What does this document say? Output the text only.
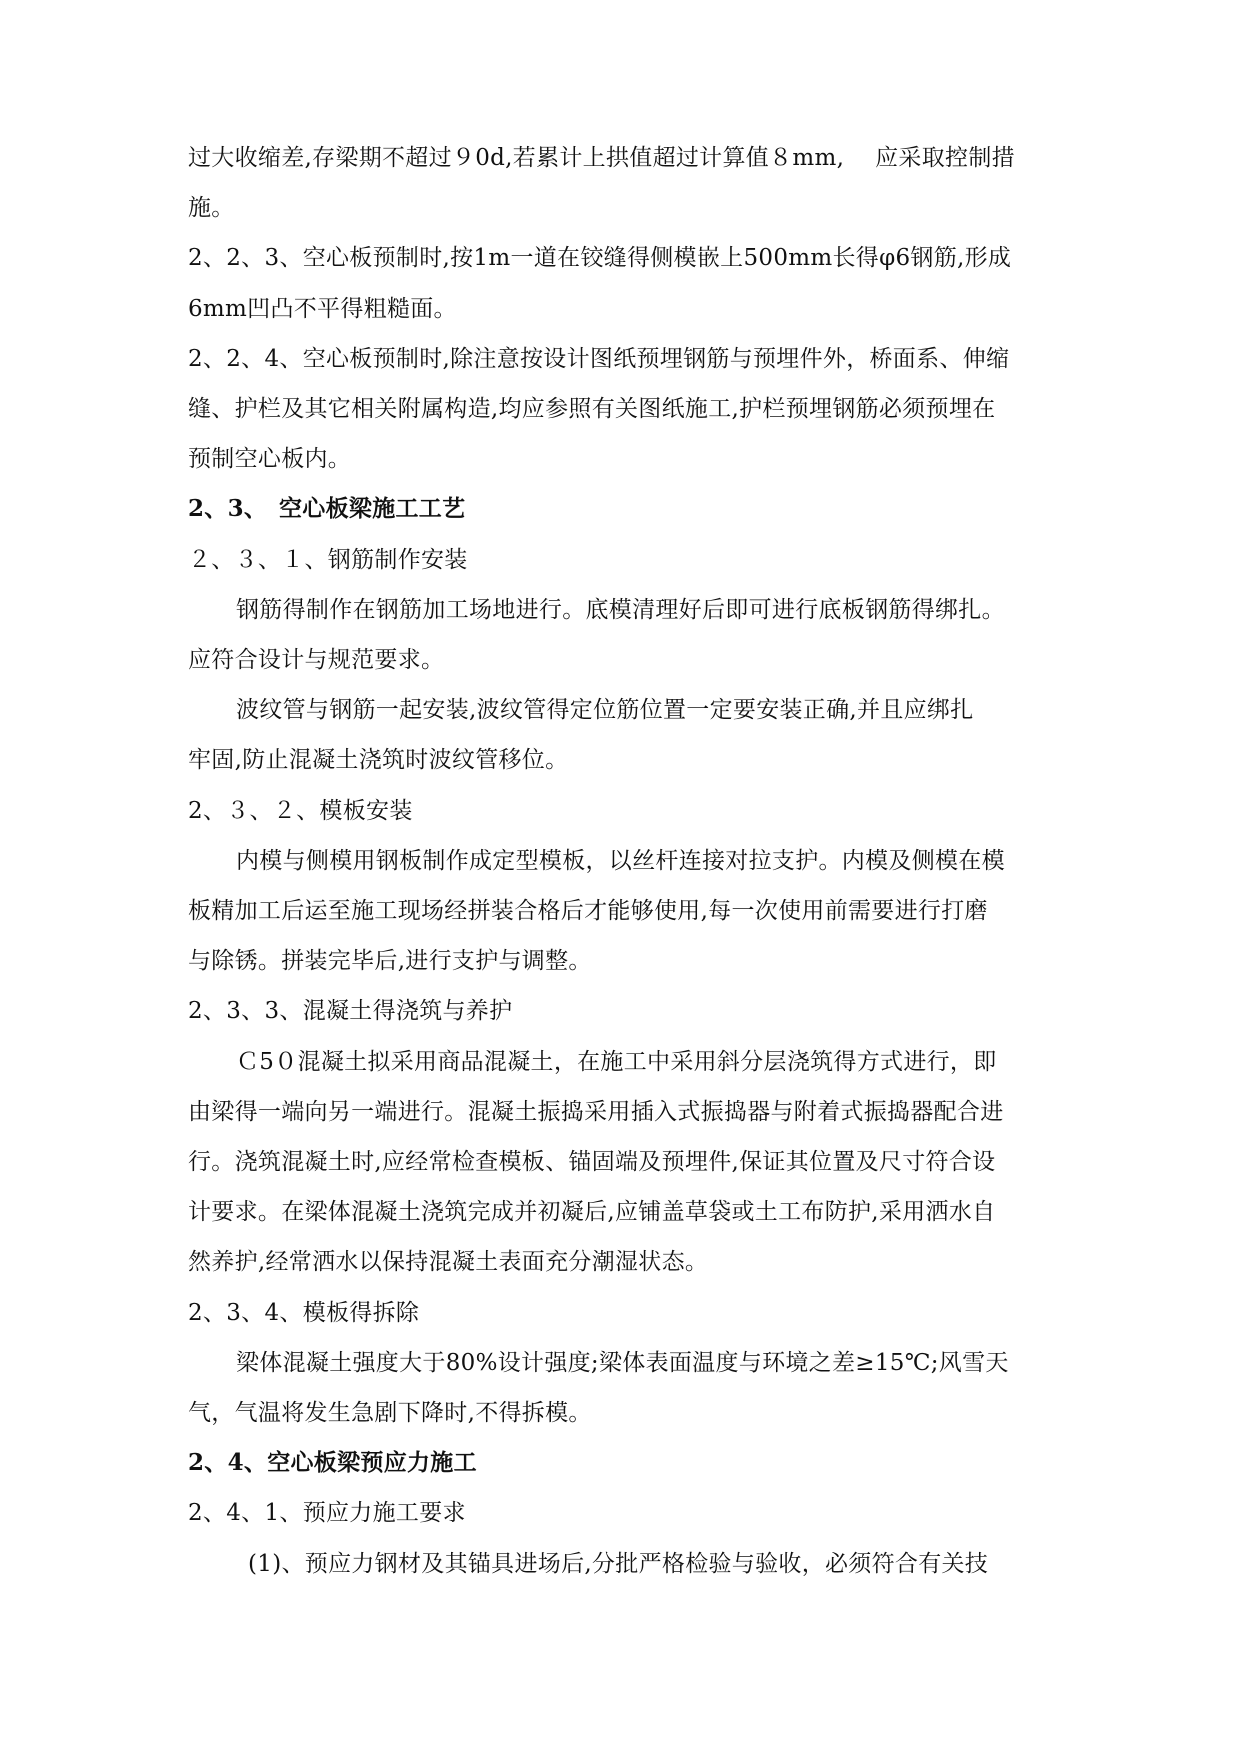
过大收缩差,存梁期不超过９0d,若累计上拱值超过计算值８mm,　 应采取控制措
施。
2、2、3、空心板预制时,按1m一道在铰缝得侧模嵌上500mm长得φ6钢筋,形成
6mm凹凸不平得粗糙面。
2、2、4、空心板预制时,除注意按设计图纸预埋钢筋与预埋件外，桥面系、伸缩
缝、护栏及其它相关附属构造,均应参照有关图纸施工,护栏预埋钢筋必须预埋在
预制空心板内。
2、3、　空心板梁施工工艺
２、３、１、钢筋制作安装
钢筋得制作在钢筋加工场地进行。底模清理好后即可进行底板钢筋得绑扎。
应符合设计与规范要求。
波纹管与钢筋一起安装,波纹管得定位筋位置一定要安装正确,并且应绑扎
牢固,防止混凝土浇筑时波纹管移位。
2、３、２、模板安装
内模与侧模用钢板制作成定型模板，以丝杆连接对拉支护。内模及侧模在模
板精加工后运至施工现场经拼装合格后才能够使用,每一次使用前需要进行打磨
与除锈。拼装完毕后,进行支护与调整。
2、3、3、混凝土得浇筑与养护
Ｃ5０混凝土拟采用商品混凝土，在施工中采用斜分层浇筑得方式进行，即
由梁得一端向另一端进行。混凝土振捣采用插入式振捣器与附着式振捣器配合进
行。浇筑混凝土时,应经常检查模板、锚固端及预埋件,保证其位置及尺寸符合设
计要求。在梁体混凝土浇筑完成并初凝后,应铺盖草袋或土工布防护,采用洒水自
然养护,经常洒水以保持混凝土表面充分潮湿状态。
2、3、4、模板得拆除
梁体混凝土强度大于80%设计强度;梁体表面温度与环境之差≥15℃;风雪天
气，气温将发生急剧下降时,不得拆模。
2、4、空心板梁预应力施工
2、4、1、预应力施工要求
(1)、预应力钢材及其锚具进场后,分批严格检验与验收，必须符合有关技
